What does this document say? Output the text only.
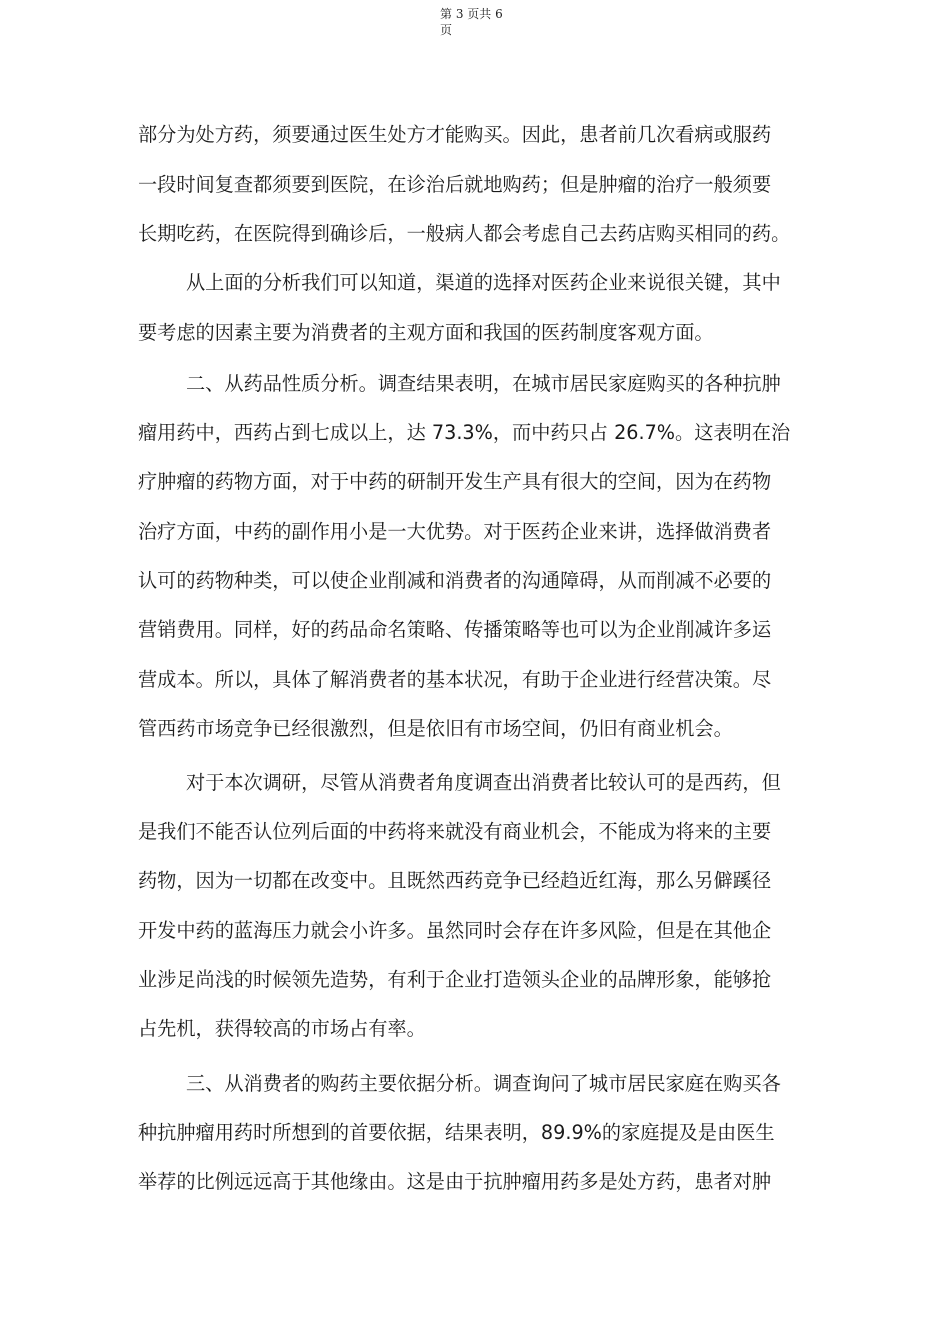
第 3 页共 6
页
部分为处方药，须要通过医生处方才能购买。因此，患者前几次看病或服药
一段时间复查都须要到医院，在诊治后就地购药；但是肿瘤的治疗一般须要
长期吃药，在医院得到确诊后，一般病人都会考虑自己去药店购买相同的药。
从上面的分析我们可以知道，渠道的选择对医药企业来说很关键，其中
要考虑的因素主要为消费者的主观方面和我国的医药制度客观方面。
二、从药品性质分析。调查结果表明，在城市居民家庭购买的各种抗肿
瘤用药中，西药占到七成以上，达 73.3%，而中药只占 26.7%。这表明在治
疗肿瘤的药物方面，对于中药的研制开发生产具有很大的空间，因为在药物
治疗方面，中药的副作用小是一大优势。对于医药企业来讲，选择做消费者
认可的药物种类，可以使企业削减和消费者的沟通障碍，从而削减不必要的
营销费用。同样，好的药品命名策略、传播策略等也可以为企业削减许多运
营成本。所以，具体了解消费者的基本状况，有助于企业进行经营决策。尽
管西药市场竞争已经很激烈，但是依旧有市场空间，仍旧有商业机会。
对于本次调研，尽管从消费者角度调查出消费者比较认可的是西药，但
是我们不能否认位列后面的中药将来就没有商业机会，不能成为将来的主要
药物，因为一切都在改变中。且既然西药竞争已经趋近红海，那么另僻蹊径
开发中药的蓝海压力就会小许多。虽然同时会存在许多风险，但是在其他企
业涉足尚浅的时候领先造势，有利于企业打造领头企业的品牌形象，能够抢
占先机，获得较高的市场占有率。
三、从消费者的购药主要依据分析。调查询问了城市居民家庭在购买各
种抗肿瘤用药时所想到的首要依据，结果表明，89.9%的家庭提及是由医生
举荐的比例远远高于其他缘由。这是由于抗肿瘤用药多是处方药，患者对肿
